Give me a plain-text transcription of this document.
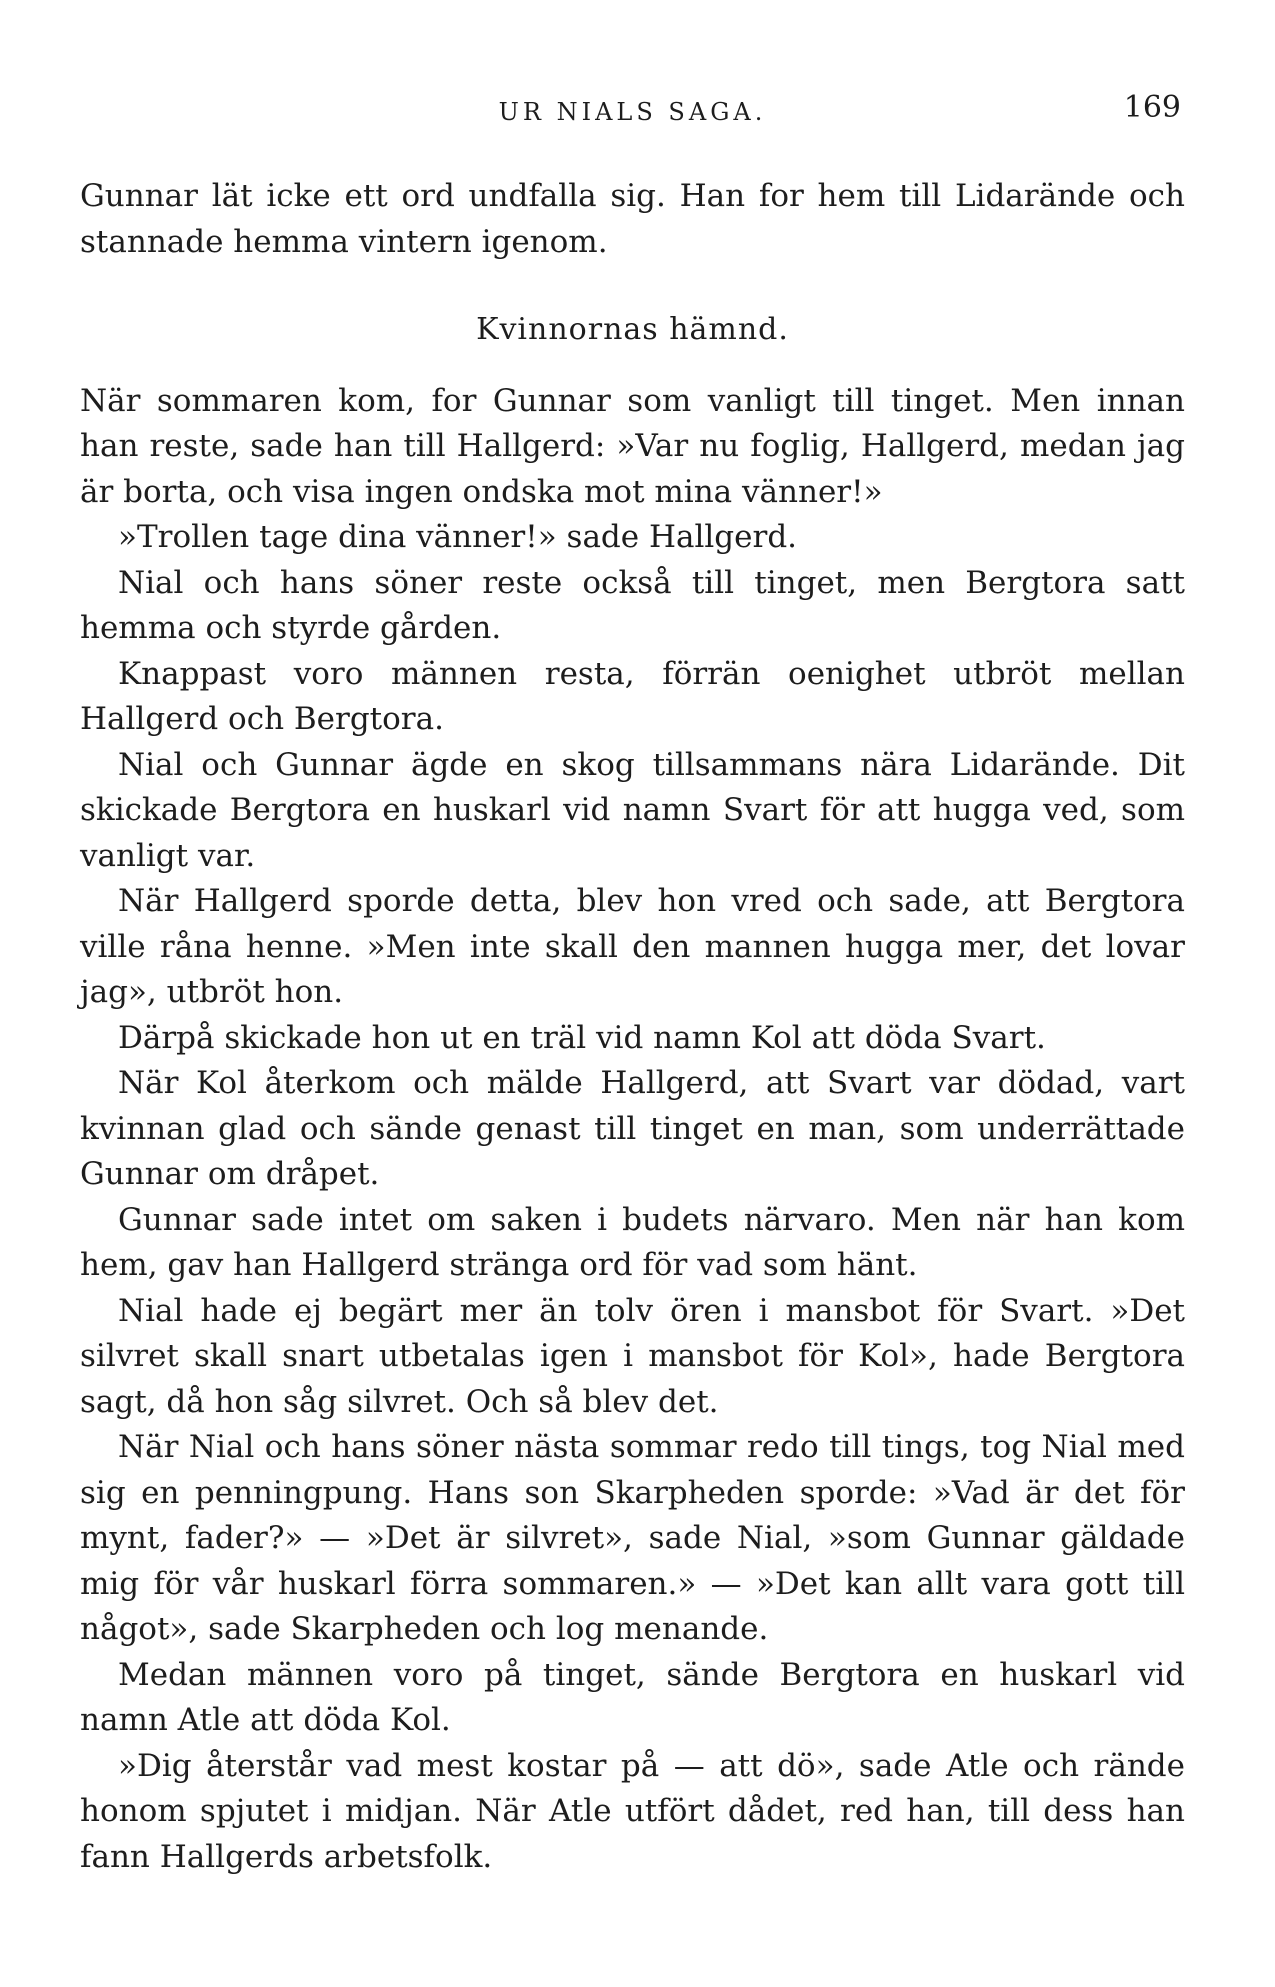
UR NIALS SAGA.	169

Gunnar lät icke ett ord undfalla sig. Han for hem till Lidarände och stannade hemma vintern igenom.

Kvinnornas hämnd.

När sommaren kom, for Gunnar som vanligt till tinget. Men innan han reste, sade han till Hallgerd: »Var nu foglig, Hallgerd, medan jag är borta, och visa ingen ondska mot mina vänner!»

»Trollen tage dina vänner!» sade Hallgerd.

Nial och hans söner reste också till tinget, men Bergtora satt hemma och styrde gården.

Knappast voro männen resta, förrän oenighet utbröt mellan Hallgerd och Bergtora.

Nial och Gunnar ägde en skog tillsammans nära Lidarände. Dit skickade Bergtora en huskarl vid namn Svart för att hugga ved, som vanligt var.

När Hallgerd sporde detta, blev hon vred och sade, att Bergtora ville råna henne. »Men inte skall den mannen hugga mer, det lovar jag», utbröt hon.

Därpå skickade hon ut en träl vid namn Kol att döda Svart.

När Kol återkom och mälde Hallgerd, att Svart var dödad, vart kvinnan glad och sände genast till tinget en man, som underrättade Gunnar om dråpet.

Gunnar sade intet om saken i budets närvaro. Men när han kom hem, gav han Hallgerd stränga ord för vad som hänt.

Nial hade ej begärt mer än tolv ören i mansbot för Svart. »Det silvret skall snart utbetalas igen i mansbot för Kol», hade Bergtora sagt, då hon såg silvret. Och så blev det.

När Nial och hans söner nästa sommar redo till tings, tog Nial med sig en penningpung. Hans son Skarpheden sporde: »Vad är det för mynt, fader?» — »Det är silvret», sade Nial, »som Gunnar gäldade mig för vår huskarl förra sommaren.» — »Det kan allt vara gott till något», sade Skarpheden och log menande.

Medan männen voro på tinget, sände Bergtora en huskarl vid namn Atle att döda Kol.

»Dig återstår vad mest kostar på — att dö», sade Atle och rände honom spjutet i midjan. När Atle utfört dådet, red han, till dess han fann Hallgerds arbetsfolk.
